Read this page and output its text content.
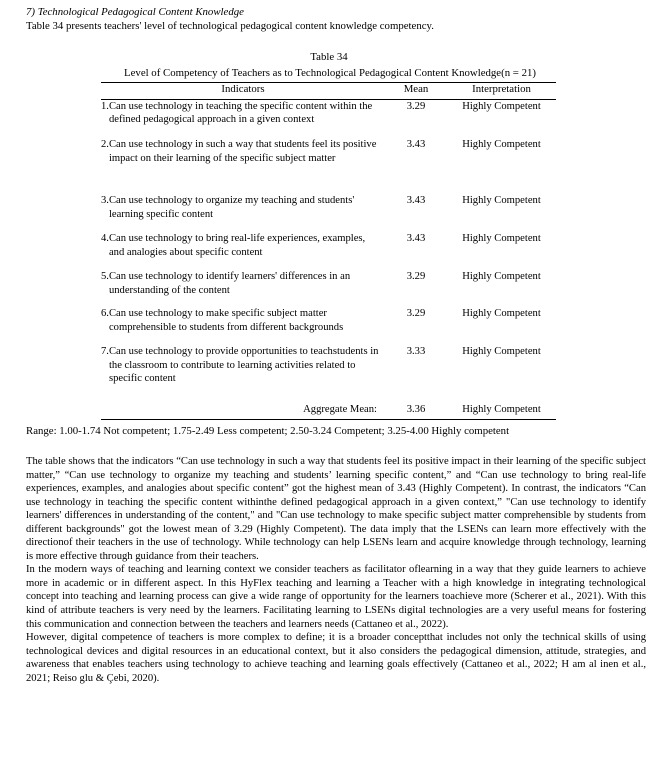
7) Technological Pedagogical Content Knowledge
Table 34 presents teachers' level of technological pedagogical content knowledge competency.
Table 34
Level of Competency of Teachers as to Technological Pedagogical Content Knowledge(n = 21)
Indicators	Mean	Interpretation

1. Can use technology in teaching the specific content within the defined pedagogical approach in a given context	3.29	Highly Competent

2. Can use technology in such a way that students feel its positive impact on their learning of the specific subject matter	3.43	Highly Competent

3. Can use technology to organize my teaching and students' learning specific content	3.43	Highly Competent

4. Can use technology to bring real-life experiences, examples, and analogies about specific content	3.43	Highly Competent

5. Can use technology to identify learners' differences in an understanding of the content	3.29	Highly Competent

6. Can use technology to make specific subject matter comprehensible to students from different backgrounds	3.29	Highly Competent

7. Can use technology to provide opportunities to teachstudents in the classroom to contribute to learning activities related to specific content	3.33	Highly Competent
Aggregate Mean:	3.36	Highly Competent
Range: 1.00-1.74 Not competent; 1.75-2.49 Less competent; 2.50-3.24 Competent; 3.25-4.00 Highly competent

The table shows that the indicators “Can use technology in such a way that students feel its positive impact in their learning of the specific subject matter,” “Can use technology to organize my teaching and students’ learning specific content,” and “Can use technology to bring real-life experiences, examples, and analogies about specific content” got the highest mean of 3.43 (Highly Competent). In contrast, the indicators “Can use technology in teaching the specific content withinthe defined pedagogical approach in a given context,” "Can use technology to identify learners' differences in understanding of the content," and "Can use technology to make specific subject matter comprehensible by students from different backgrounds" got the lowest mean of 3.29 (Highly Competent). The data imply that the LSENs can learn more effectively with the directionof their teachers in the use of technology. While technology can help LSENs learn and acquire knowledge through technology, learning is more effective through guidance from their teachers.

In the modern ways of teaching and learning context we consider teachers as facilitator oflearning in a way that they guide learners to achieve more in academic or in different aspect. In this HyFlex teaching and learning a Teacher with a high knowledge in integrating technological concept into teaching and learning process can give a wide range of opportunity for the learners toachieve more (Scherer et al., 2021). With this kind of attribute teachers is very need by the learners. Facilitating learning to LSENs digital technologies are a very useful means for fostering this communication and connection between the teachers and learners needs (Cattaneo et al., 2022).

However, digital competence of teachers is more complex to define; it is a broader conceptthat includes not only the technical skills of using technological devices and digital resources in an educational context, but it also considers the pedagogical dimension, attitude, strategies, and awareness that enables teachers using technology to achieve teaching and learning goals effectively (Cattaneo et al., 2022; H am al inen et al., 2021; Reiso glu & Çebi, 2020).
